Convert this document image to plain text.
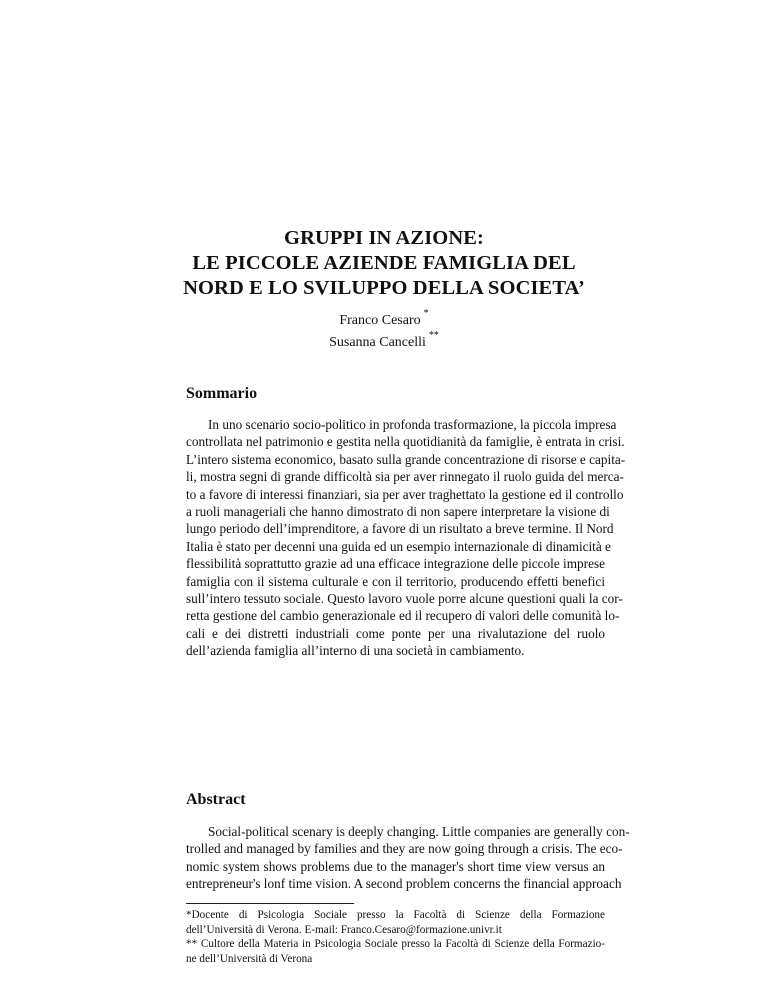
GRUPPI IN AZIONE:
LE PICCOLE AZIENDE FAMIGLIA DEL
NORD E LO SVILUPPO DELLA SOCIETA’
Franco Cesaro *
Susanna Cancelli **
Sommario
In uno scenario socio-politico in profonda trasformazione, la piccola impresa
controllata nel patrimonio e gestita nella quotidianità da famiglie, è entrata in crisi.
L’intero sistema economico, basato sulla grande concentrazione di risorse e capita-
li, mostra segni di grande difficoltà sia per aver rinnegato il ruolo guida del merca-
to a favore di interessi finanziari, sia per aver traghettato la gestione ed il controllo
a ruoli manageriali che hanno dimostrato di non sapere interpretare la visione di
lungo periodo dell’imprenditore, a favore di un risultato a breve termine. Il Nord
Italia è stato per decenni una guida ed un esempio internazionale di dinamicità e
flessibilità soprattutto grazie ad una efficace integrazione delle piccole imprese
famiglia con il sistema culturale e con il territorio, producendo effetti benefici
sull’intero tessuto sociale. Questo lavoro vuole porre alcune questioni quali la cor-
retta gestione del cambio generazionale ed il recupero di valori delle comunità lo-
cali e dei distretti industriali come ponte per una rivalutazione del ruolo
dell’azienda famiglia all’interno di una società in cambiamento.
Abstract
Social-political scenary is deeply changing. Little companies are generally con-
trolled and managed by families and they are now going through a crisis. The eco-
nomic system shows problems due to the manager's short time view versus an
entrepreneur's lonf time vision. A second problem concerns the financial approach
*Docente di Psicologia Sociale presso la Facoltà di Scienze della Formazione
dell’Università di Verona. E-mail: Franco.Cesaro@formazione.univr.it
** Cultore della Materia in Psicologia Sociale presso la Facoltà di Scienze della Formazio-
ne dell’Università di Verona
